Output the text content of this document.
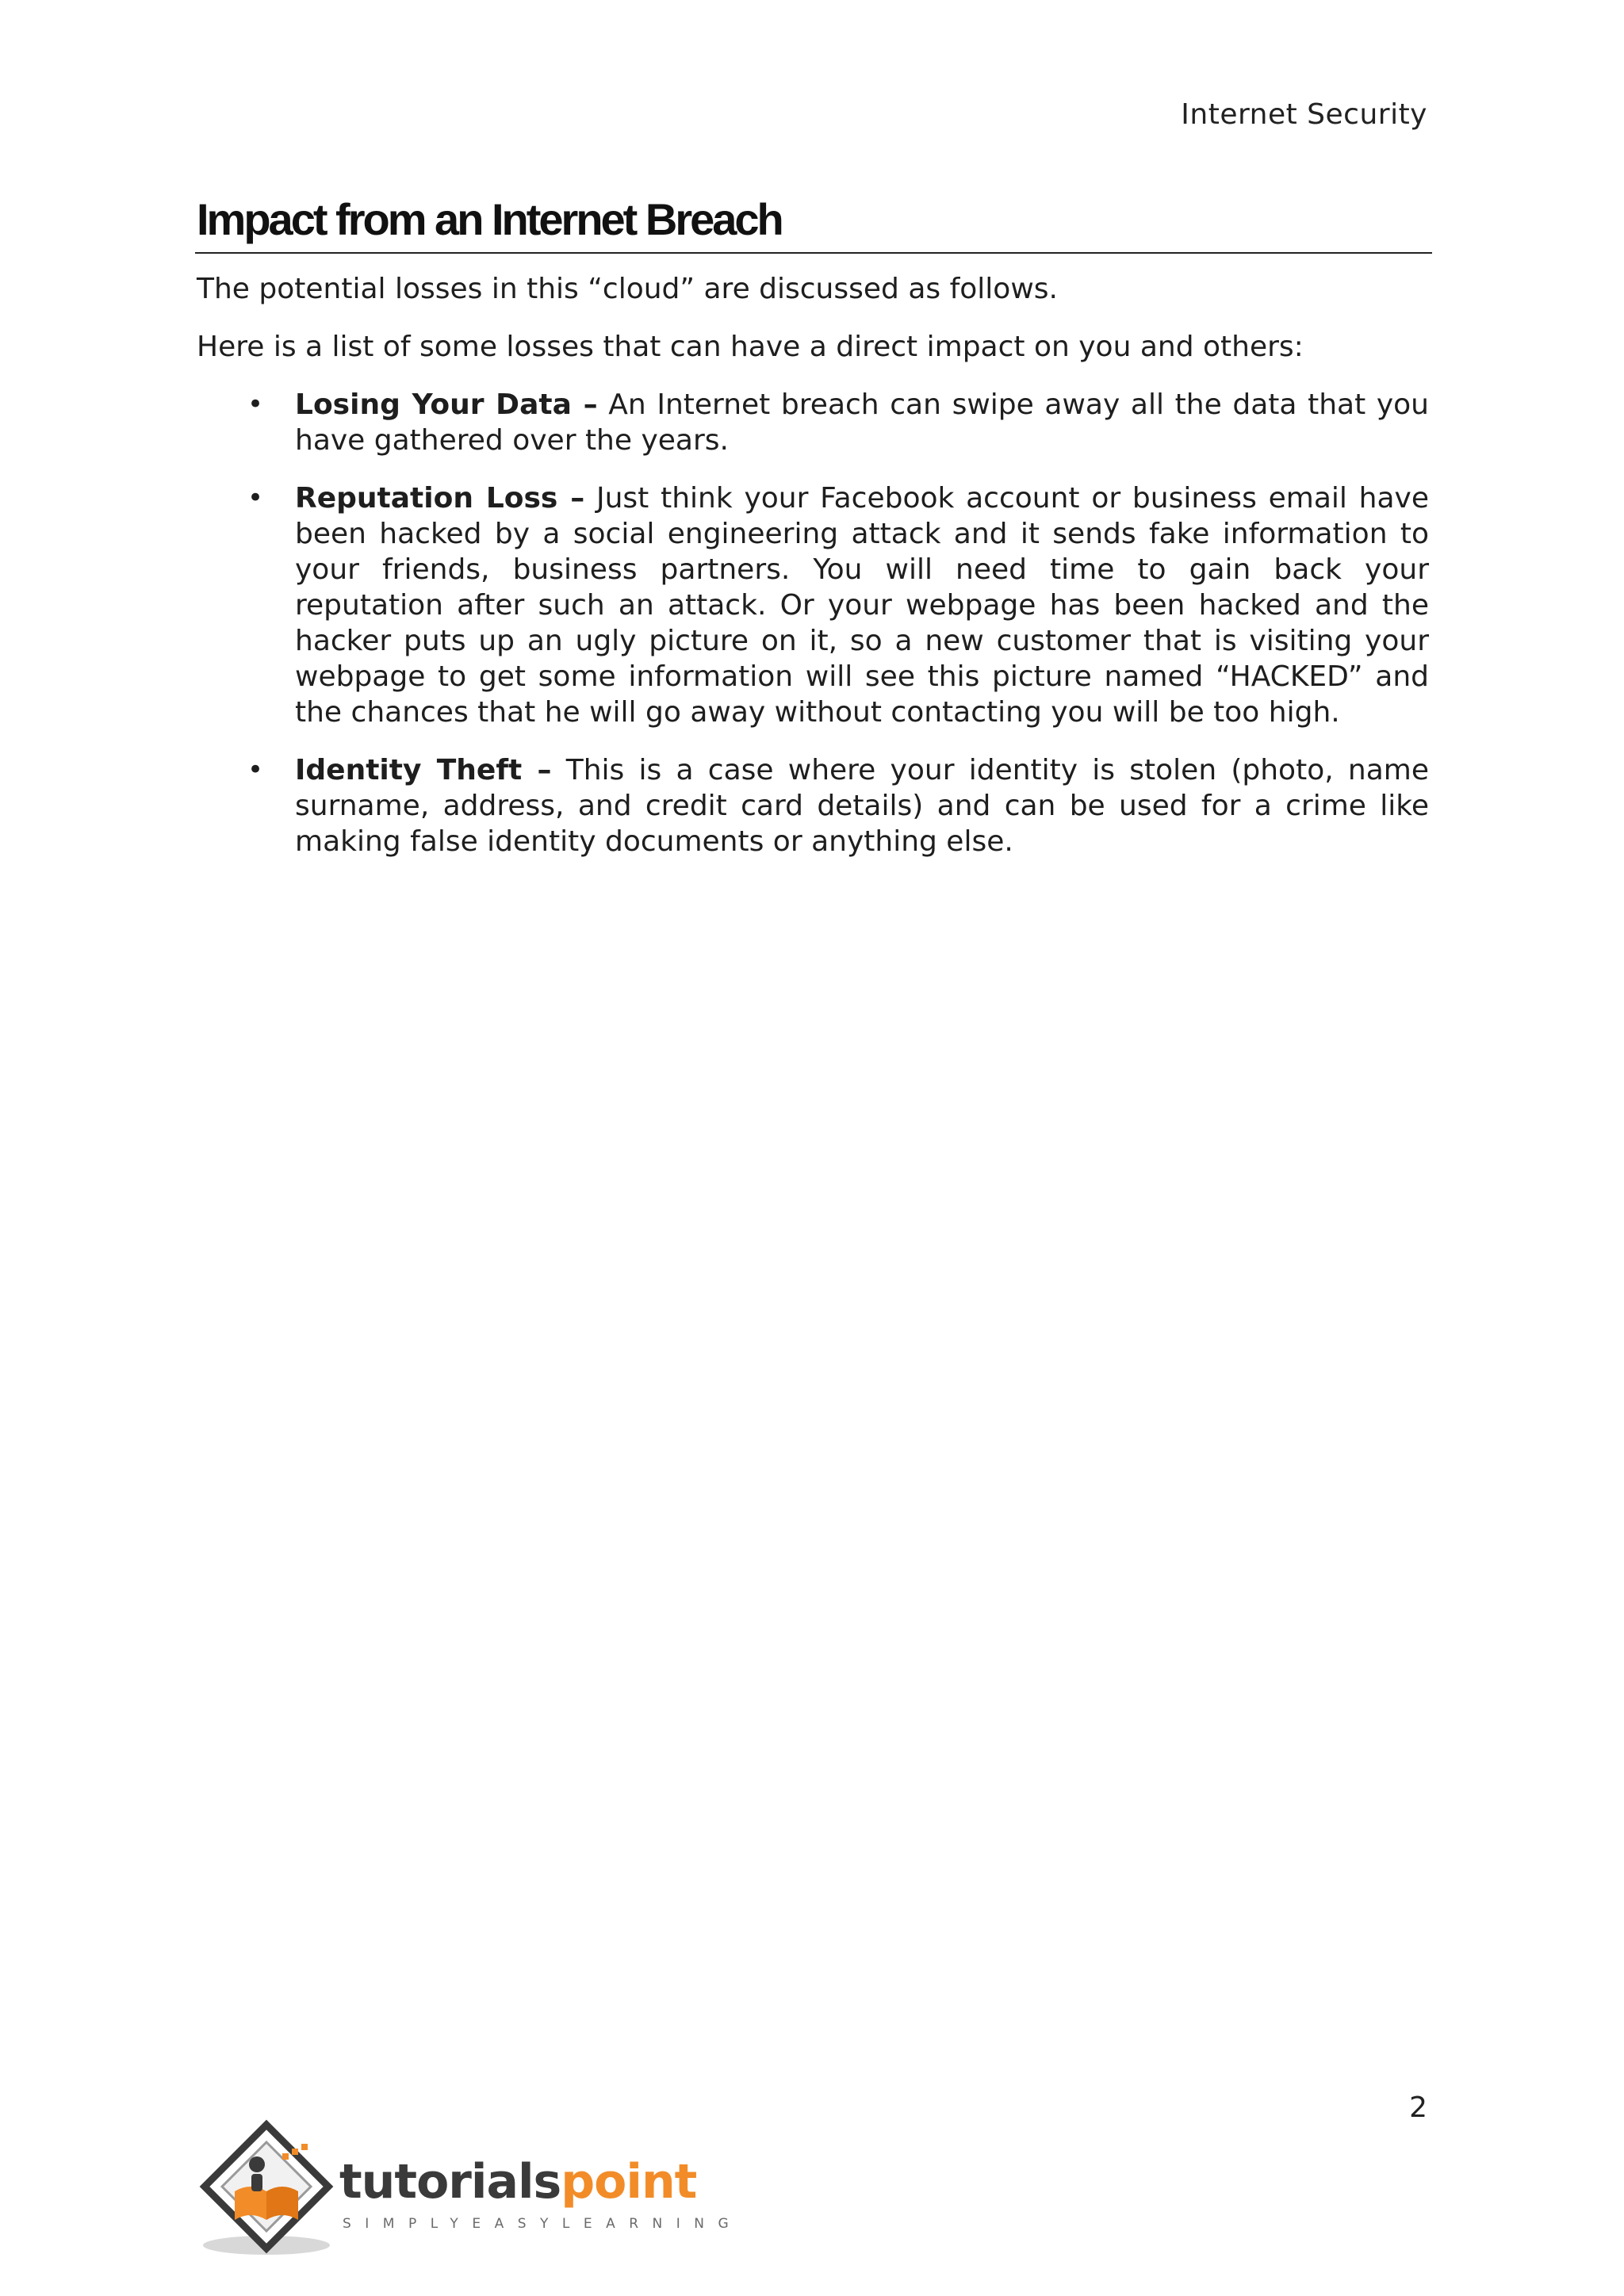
Internet Security
Impact from an Internet Breach

The potential losses in this “cloud” are discussed as follows.

Here is a list of some losses that can have a direct impact on you and others:

• Losing Your Data – An Internet breach can swipe away all the data that you have gathered over the years.
• Reputation Loss – Just think your Facebook account or business email have been hacked by a social engineering attack and it sends fake information to your friends, business partners. You will need time to gain back your reputation after such an attack. Or your webpage has been hacked and the hacker puts up an ugly picture on it, so a new customer that is visiting your webpage to get some information will see this picture named “HACKED” and the chances that he will go away without contacting you will be too high.
• Identity Theft – This is a case where your identity is stolen (photo, name surname, address, and credit card details) and can be used for a crime like making false identity documents or anything else.
2
tutorialspoint
SIMPLYEASYLEARNING
